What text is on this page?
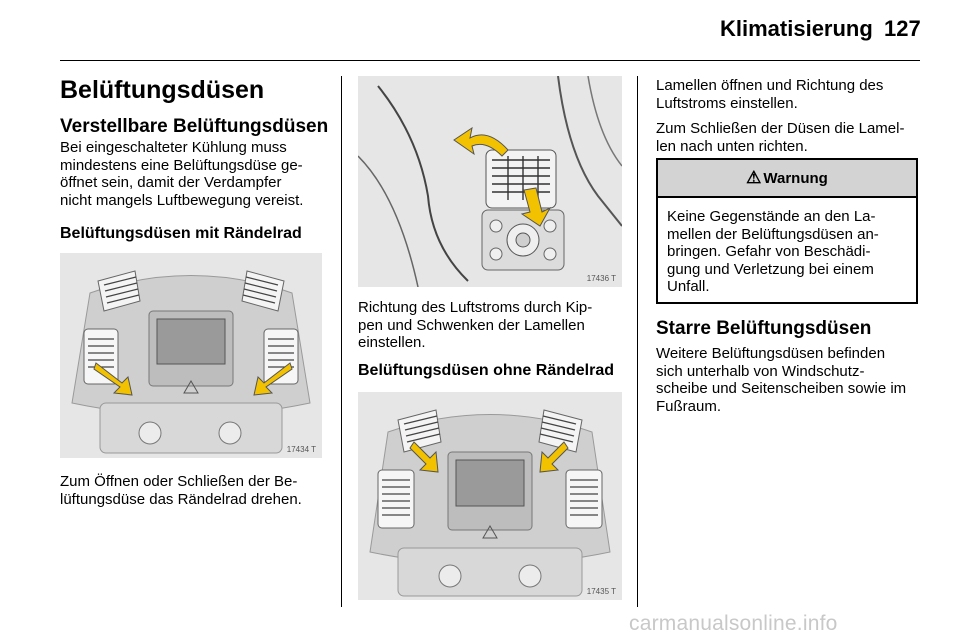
Klimatisierung 127
Belüftungsdüsen
Verstellbare Belüftungsdüsen

Bei eingeschalteter Kühlung muss

mindestens eine Belüftungsdüse ge-

öffnet sein, damit der Verdampfer

nicht mangels Luftbewegung vereist.

Belüftungsdüsen mit Rändelrad
17434 T

Zum Öffnen oder Schließen der Be-

lüftungsdüse das Rändelrad drehen.

17436 T

Richtung des Luftstroms durch Kip-

pen und Schwenken der Lamellen

einstellen.

Belüftungsdüsen ohne Rändelrad
17435 T

Lamellen öffnen und Richtung des

Luftstroms einstellen.

Zum Schließen der Düsen die Lamel-

len nach unten richten.

⚠ Warnung
Keine Gegenstände an den La-
mellen der Belüftungsdüsen an-
bringen. Gefahr von Beschädi-
gung und Verletzung bei einem
Unfall.
Starre Belüftungsdüsen

Weitere Belüftungsdüsen befinden

sich unterhalb von Windschutz-

scheibe und Seitenscheiben sowie im

Fußraum.

carmanualsonline.info
